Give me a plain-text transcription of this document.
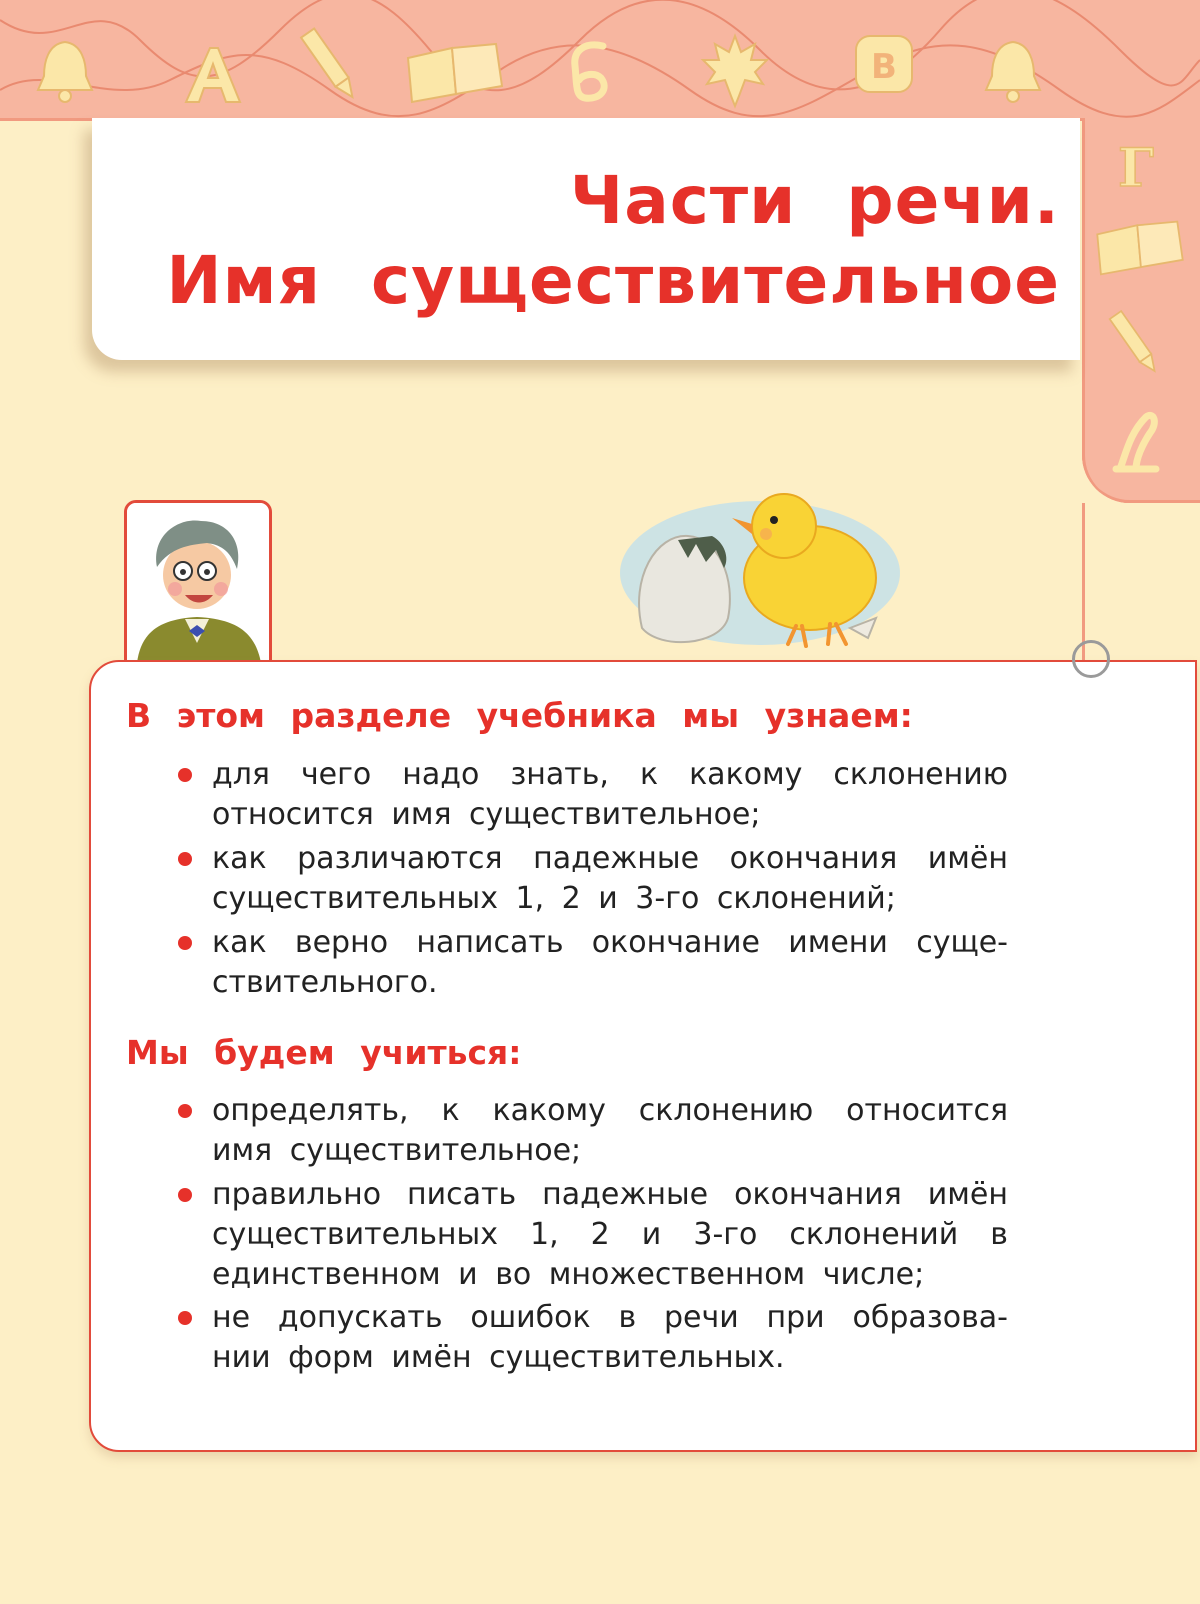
В
Г
Части речи.
Имя существительное
В этом разделе учебника мы узнаем:
для чего надо знать, к какому склонению относится имя существительное;
как различаются падежные окончания имён существительных 1, 2 и 3-го склонений;
как верно написать окончание имени суще- ствительного.
Мы будем учиться:
определять, к какому склонению относится имя существительное;
правильно писать падежные окончания имён существительных 1, 2 и 3-го склонений в единственном и во множественном числе;
не допускать ошибок в речи при образова- нии форм имён существительных.
